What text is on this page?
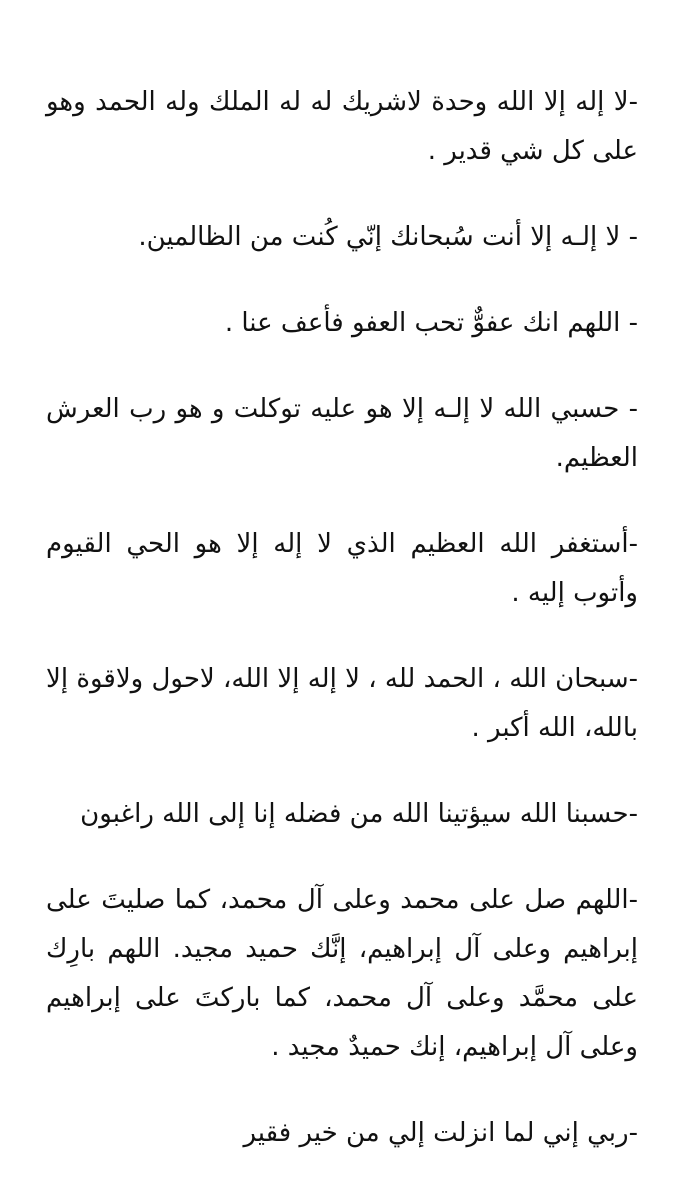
-لا إله إلا الله وحدة لاشريك له له الملك وله الحمد وهو على كل شي قدير .

- لا إلـه إلا أنت سُبحانك إنّي كُنت من الظالمين.

- اللهم انك عفوٌّ تحب العفو فأعف عنا .

- حسبي الله لا إلـه إلا هو عليه توكلت و هو رب العرش العظيم.

-أستغفر الله العظيم الذي لا إله إلا هو الحي القيوم وأتوب إليه .

-سبحان الله ، الحمد لله ، لا إله إلا الله، لاحول ولاقوة إلا بالله، الله أكبر .

-حسبنا الله سيؤتينا الله من فضله إنا إلى الله راغبون

-اللهم صل على محمد وعلى آل محمد، كما صليتَ على إبراهيم وعلى آل إبراهيم، إنَّك حميد مجيد. اللهم بارِك على محمَّد وعلى آل محمد، كما باركتَ على إبراهيم وعلى آل إبراهيم، إنك حميدٌ مجيد .

-ربي إني لما انزلت إلي من خير فقير
